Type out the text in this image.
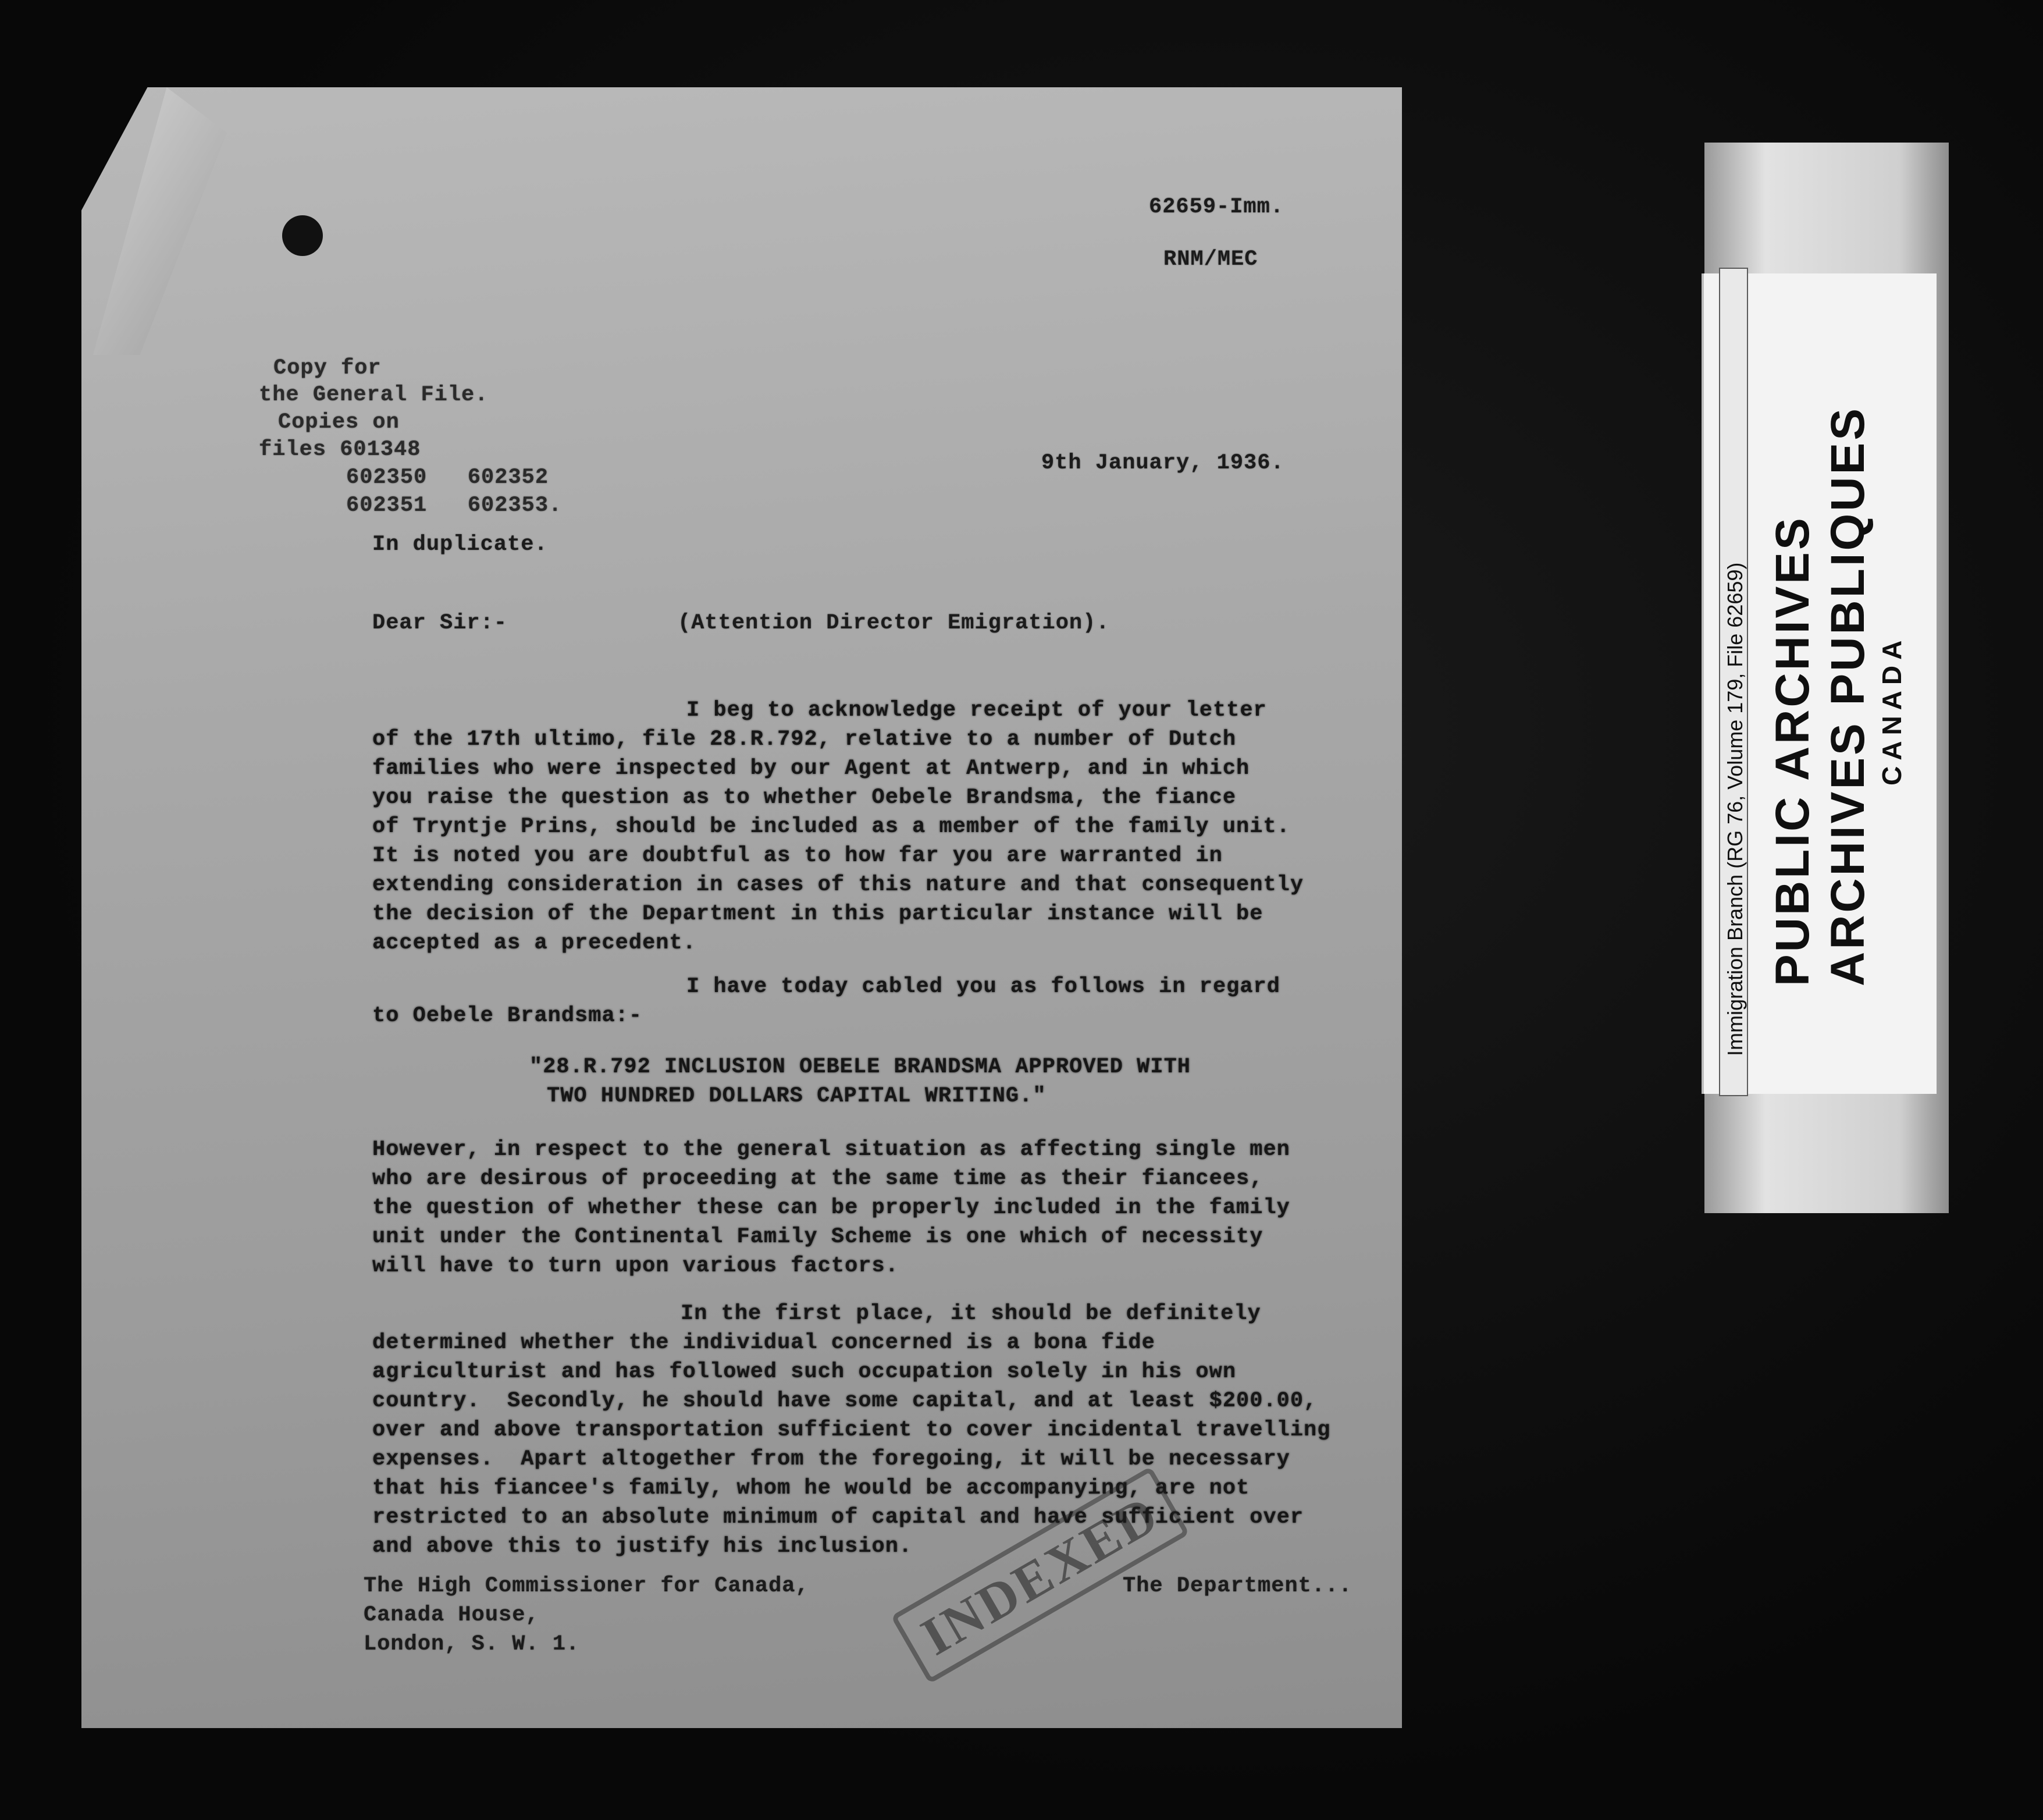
62659-Imm.
RNM/MEC
Copy for
the General File.
Copies on
files 601348
602350   602352
602351   602353.
9th January, 1936.
In duplicate.
Dear Sir:-	(Attention Director Emigration).
I beg to acknowledge receipt of your letter
of the 17th ultimo, file 28.R.792, relative to a number of Dutch
families who were inspected by our Agent at Antwerp, and in which
you raise the question as to whether Oebele Brandsma, the fiance
of Tryntje Prins, should be included as a member of the family unit.
It is noted you are doubtful as to how far you are warranted in
extending consideration in cases of this nature and that consequently
the decision of the Department in this particular instance will be
accepted as a precedent.
I have today cabled you as follows in regard
to Oebele Brandsma:-
"28.R.792 INCLUSION OEBELE BRANDSMA APPROVED WITH
TWO HUNDRED DOLLARS CAPITAL WRITING."
However, in respect to the general situation as affecting single men
who are desirous of proceeding at the same time as their fiancees,
the question of whether these can be properly included in the family
unit under the Continental Family Scheme is one which of necessity
will have to turn upon various factors.
In the first place, it should be definitely
determined whether the individual concerned is a bona fide
agriculturist and has followed such occupation solely in his own
country.  Secondly, he should have some capital, and at least $200.00,
over and above transportation sufficient to cover incidental travelling
expenses.  Apart altogether from the foregoing, it will be necessary
that his fiancee's family, whom he would be accompanying, are not
restricted to an absolute minimum of capital and have sufficient over
and above this to justify his inclusion.
The High Commissioner for Canada,
Canada House,
London, S. W. 1.
The Department...
INDEXED
Immigration Branch (RG 76, Volume 179, File 62659) PUBLIC ARCHIVES ARCHIVES PUBLIQUES CANADA
